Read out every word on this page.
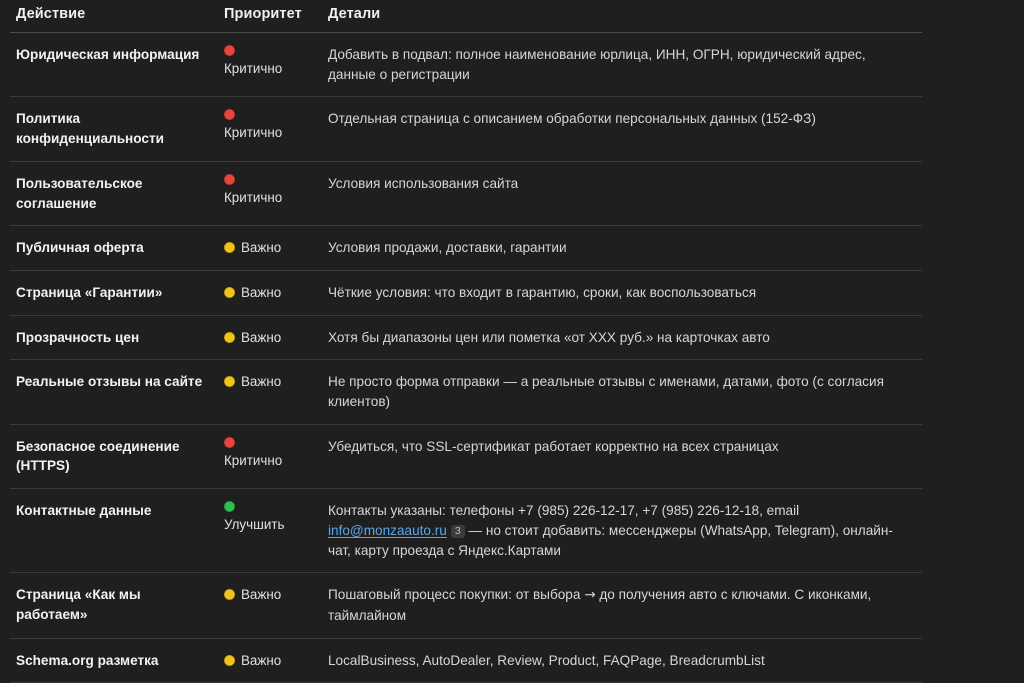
Действие	Приоритет	Детали
Юридическая информация	Критично	Добавить в подвал: полное наименование юрлица, ИНН, ОГРН, юридический адрес, данные о регистрации
Политика конфиденциальности	Критично	Отдельная страница с описанием обработки персональных данных (152-ФЗ)
Пользовательское соглашение	Критично	Условия использования сайта
Публичная оферта	Важно	Условия продажи, доставки, гарантии
Страница «Гарантии»	Важно	Чёткие условия: что входит в гарантию, сроки, как воспользоваться
Прозрачность цен	Важно	Хотя бы диапазоны цен или пометка «от XXX руб.» на карточках авто
Реальные отзывы на сайте	Важно	Не просто форма отправки — а реальные отзывы с именами, датами, фото (с согласия клиентов)
Безопасное соединение (HTTPS)	Критично	Убедиться, что SSL-сертификат работает корректно на всех страницах
Контактные данные	Улучшить	Контакты указаны: телефоны +7 (985) 226-12-17, +7 (985) 226-12-18, email info@monzaauto.ru 3 — но стоит добавить: мессенджеры (WhatsApp, Telegram), онлайн-чат, карту проезда с Яндекс.Картами
Страница «Как мы работаем»	Важно	Пошаговый процесс покупки: от выбора → до получения авто с ключами. С иконками, таймлайном
Schema.org разметка	Важно	LocalBusiness, AutoDealer, Review, Product, FAQPage, BreadcrumbList
